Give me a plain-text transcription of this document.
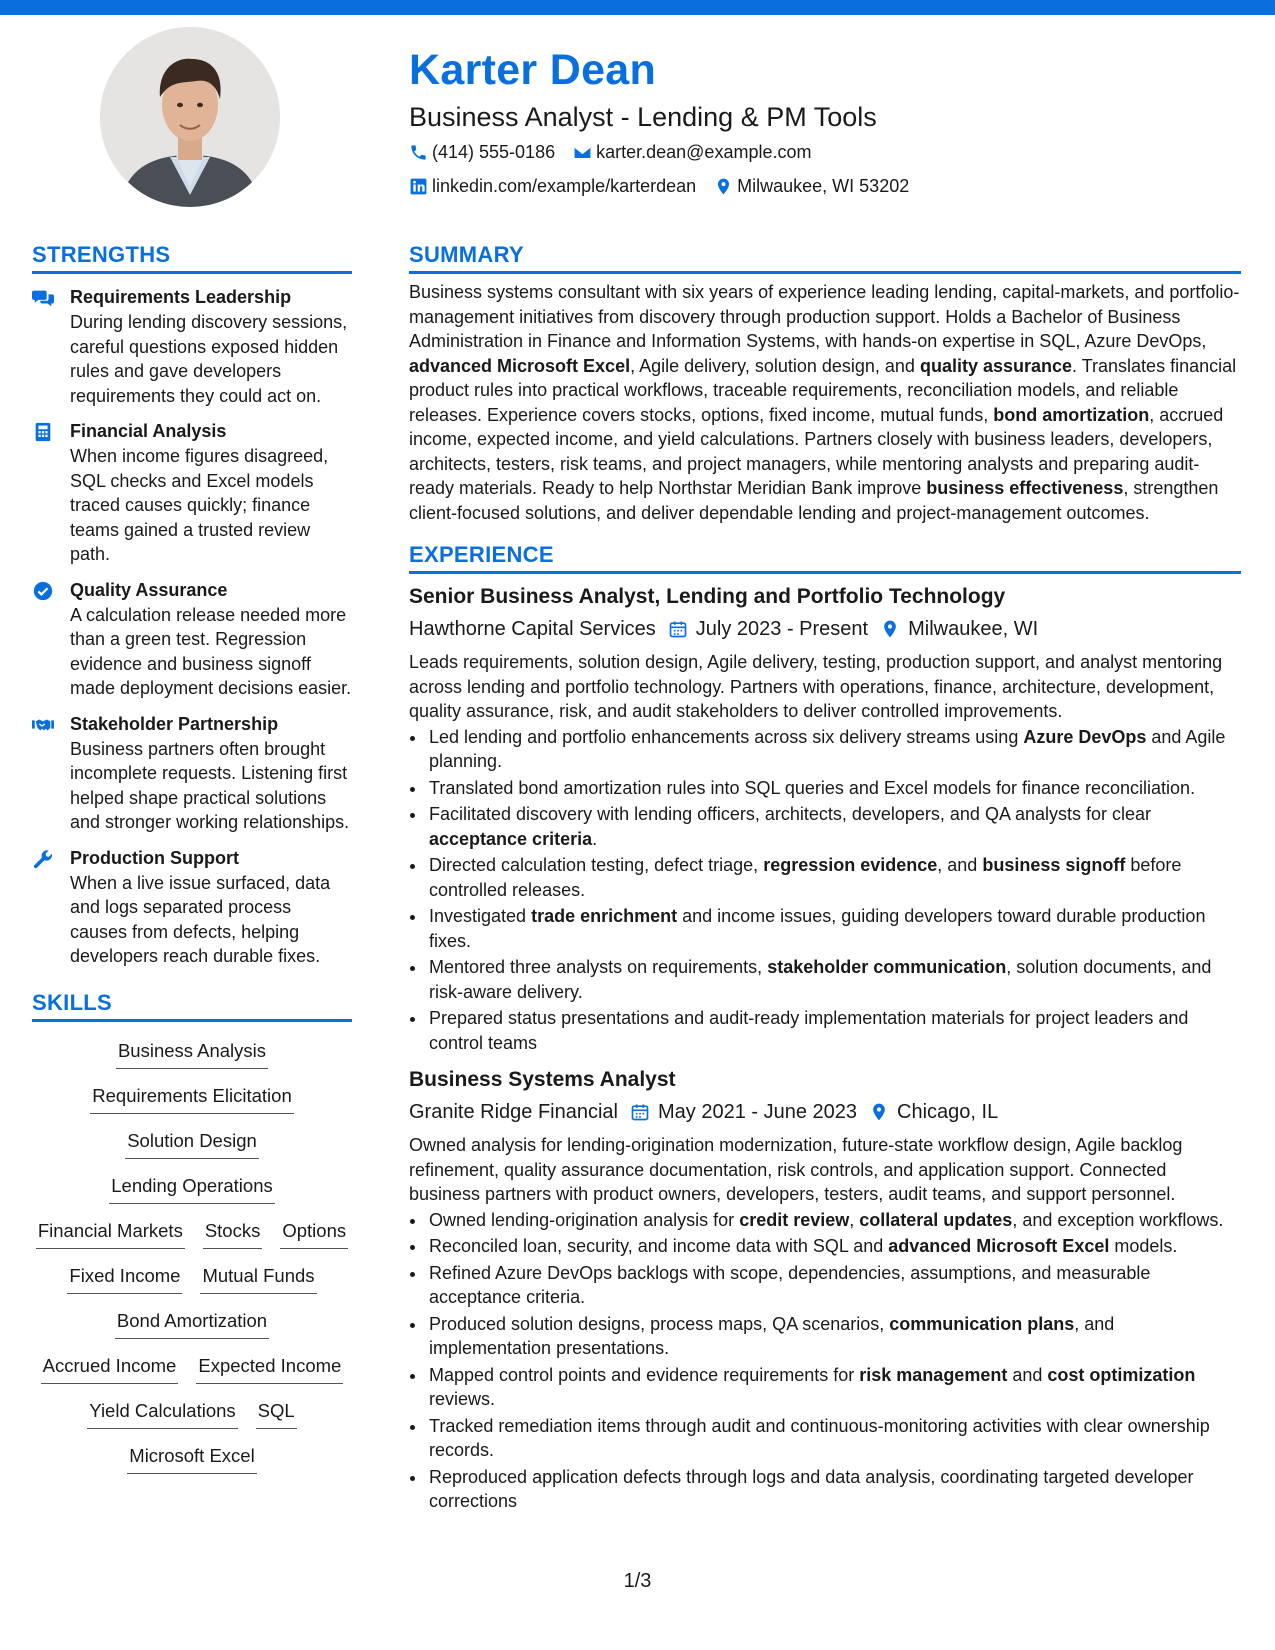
Karter Dean
Business Analyst - Lending & PM Tools
(414) 555-0186 karter.dean@example.com
linkedin.com/example/karterdean Milwaukee, WI 53202
STRENGTHS
Requirements Leadership

During lending discovery sessions, careful questions exposed hidden rules and gave developers requirements they could act on.

Financial Analysis

When income figures disagreed, SQL checks and Excel models traced causes quickly; finance teams gained a trusted review path.

Quality Assurance

A calculation release needed more than a green test. Regression evidence and business signoff made deployment decisions easier.

Stakeholder Partnership

Business partners often brought incomplete requests. Listening first helped shape practical solutions and stronger working relationships.

Production Support

When a live issue surfaced, data and logs separated process causes from defects, helping developers reach durable fixes.

SKILLS
Business Analysis
Requirements Elicitation
Solution Design
Lending Operations
Financial Markets Stocks Options
Fixed Income Mutual Funds
Bond Amortization
Accrued Income Expected Income
Yield Calculations SQL
Microsoft Excel
SUMMARY

Business systems consultant with six years of experience leading lending, capital-markets, and portfolio-management initiatives from discovery through production support. Holds a Bachelor of Business Administration in Finance and Information Systems, with hands-on expertise in SQL, Azure DevOps, advanced Microsoft Excel, Agile delivery, solution design, and quality assurance. Translates financial product rules into practical workflows, traceable requirements, reconciliation models, and reliable releases. Experience covers stocks, options, fixed income, mutual funds, bond amortization, accrued income, expected income, and yield calculations. Partners closely with business leaders, developers, architects, testers, risk teams, and project managers, while mentoring analysts and preparing audit-ready materials. Ready to help Northstar Meridian Bank improve business effectiveness, strengthen client-focused solutions, and deliver dependable lending and project-management outcomes.

EXPERIENCE
Senior Business Analyst, Lending and Portfolio Technology
Hawthorne Capital Services July 2023 - Present Milwaukee, WI

Leads requirements, solution design, Agile delivery, testing, production support, and analyst mentoring across lending and portfolio technology. Partners with operations, finance, architecture, development, quality assurance, risk, and audit stakeholders to deliver controlled improvements.

• Led lending and portfolio enhancements across six delivery streams using Azure DevOps and Agile planning.
• Translated bond amortization rules into SQL queries and Excel models for finance reconciliation.
• Facilitated discovery with lending officers, architects, developers, and QA analysts for clear acceptance criteria.
• Directed calculation testing, defect triage, regression evidence, and business signoff before controlled releases.
• Investigated trade enrichment and income issues, guiding developers toward durable production fixes.
• Mentored three analysts on requirements, stakeholder communication, solution documents, and risk-aware delivery.
• Prepared status presentations and audit-ready implementation materials for project leaders and control teams
Business Systems Analyst
Granite Ridge Financial May 2021 - June 2023 Chicago, IL

Owned analysis for lending-origination modernization, future-state workflow design, Agile backlog refinement, quality assurance documentation, risk controls, and application support. Connected business partners with product owners, developers, testers, audit teams, and support personnel.

• Owned lending-origination analysis for credit review, collateral updates, and exception workflows.
• Reconciled loan, security, and income data with SQL and advanced Microsoft Excel models.
• Refined Azure DevOps backlogs with scope, dependencies, assumptions, and measurable acceptance criteria.
• Produced solution designs, process maps, QA scenarios, communication plans, and implementation presentations.
• Mapped control points and evidence requirements for risk management and cost optimization reviews.
• Tracked remediation items through audit and continuous-monitoring activities with clear ownership records.
• Reproduced application defects through logs and data analysis, coordinating targeted developer corrections
1/3
